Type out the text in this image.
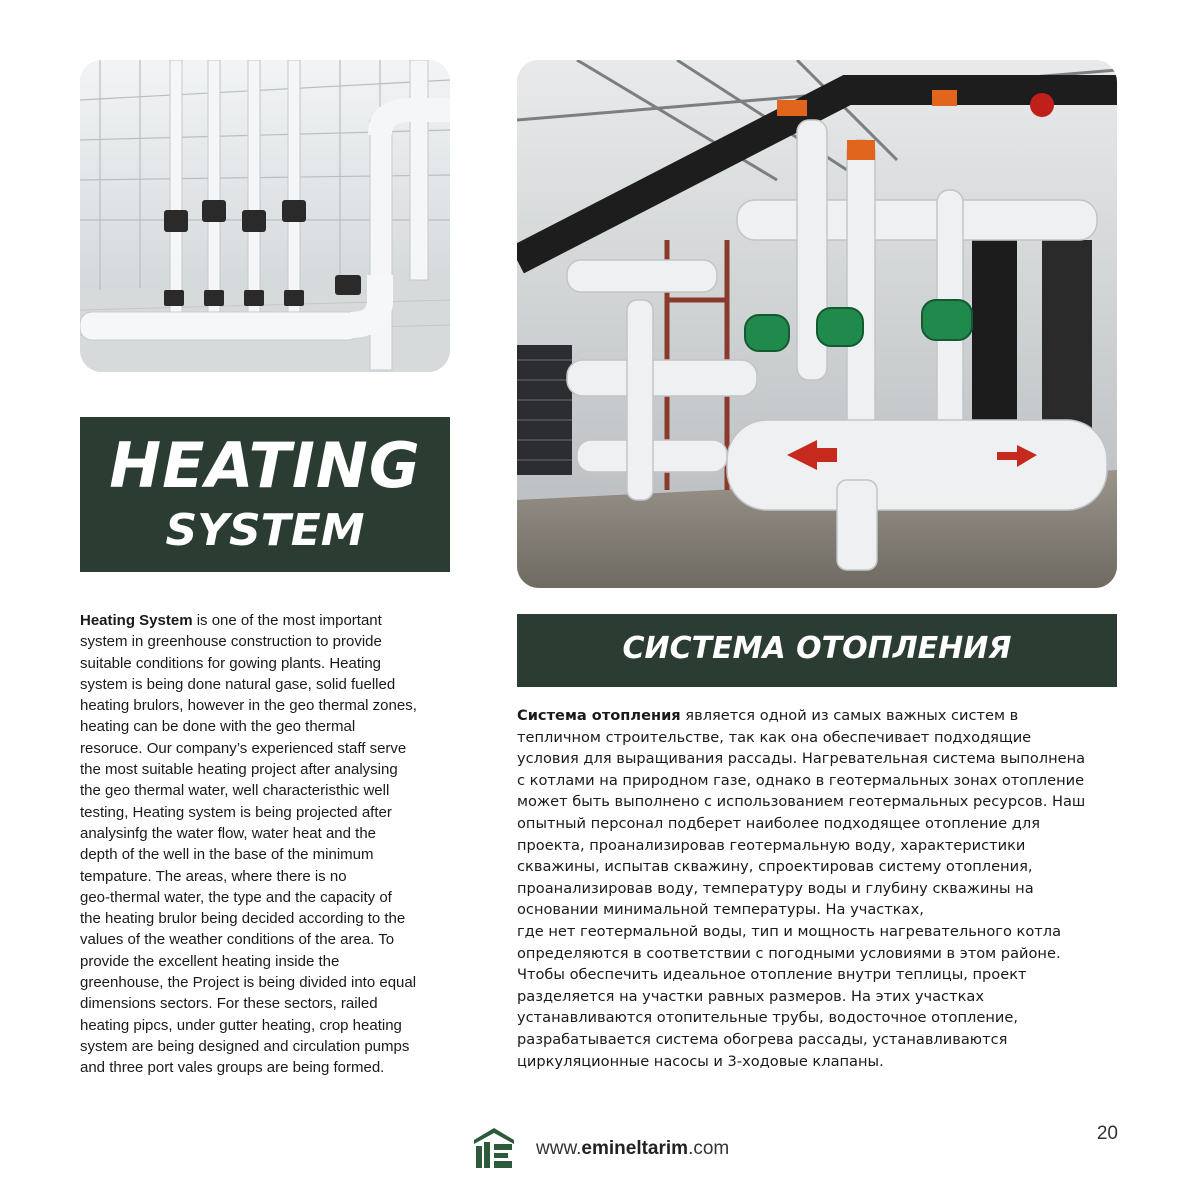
HEATING
SYSTEM
СИСТЕМА ОТОПЛЕНИЯ

Heating System is one of the most important
system in greenhouse construction to provide
suitable conditions for gowing plants. Heating
system is being done natural gase, solid fuelled
heating brulors, however in the geo thermal zones,
heating can be done with the geo thermal
resoruce. Our company’s experienced staff serve
the most suitable heating project after analysing
the geo thermal water, well characteristhic well
testing, Heating system is being projected after
analysinfg the water flow, water heat and the
depth of the well in the base of the minimum
tempature. The areas, where there is no
geo-thermal water, the type and the capacity of
the heating brulor being decided according to the
values of the weather conditions of the area. To
provide the excellent heating inside the
greenhouse, the Project is being divided into equal
dimensions sectors. For these sectors, railed
heating pipcs, under gutter heating, crop heating
system are being designed and circulation pumps
and three port vales groups are being formed.

Система отопления является одной из самых важных систем в
тепличном строительстве, так как она обеспечивает подходящие
условия для выращивания рассады. Нагревательная система выполнена
с котлами на природном газе, однако в геотермальных зонах отопление
может быть выполнено с использованием геотермальных ресурсов. Наш
опытный персонал подберет наиболее подходящее отопление для
проекта, проанализировав геотермальную воду, характеристики
скважины, испытав скважину, спроектировав систему отопления,
проанализировав воду, температуру воды и глубину скважины на
основании минимальной температуры. На участках,
где нет геотермальной воды, тип и мощность нагревательного котла
определяются в соответствии с погодными условиями в этом районе.
Чтобы обеспечить идеальное отопление внутри теплицы, проект
разделяется на участки равных размеров. На этих участках
устанавливаются отопительные трубы, водосточное отопление,
разрабатывается система обогрева рассады, устанавливаются
циркуляционные насосы и 3-ходовые клапаны.

www.emineltarim.com
20
